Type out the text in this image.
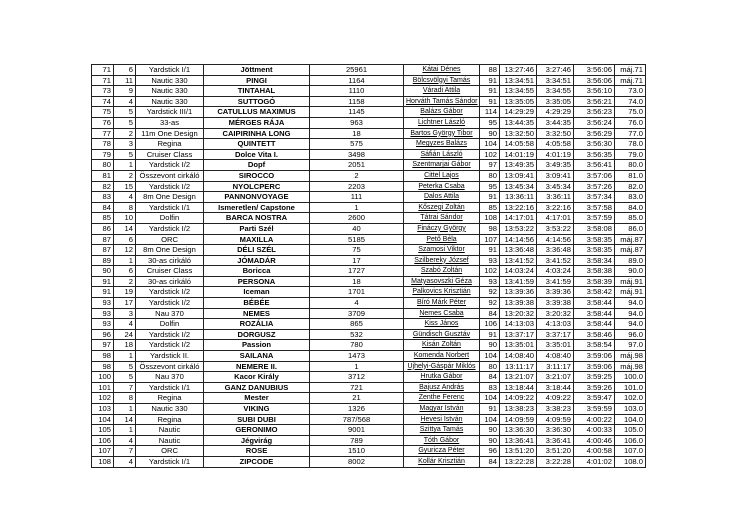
71	6	Yardstick I/1	Jöttment	25961	Kátai Dénes	88	13:27:46	3:27:46	3:56:06	máj.71
71	11	Nautic 330	PINGI	1164	Bölcsvölgyi Tamás	91	13:34:51	3:34:51	3:56:06	máj.71
73	9	Nautic 330	TINTAHAL	1110	Váradi Attila	91	13:34:55	3:34:55	3:56:10	73.0
74	4	Nautic 330	SUTTOGÓ	1158	Horváth Tamás Sándor	91	13:35:05	3:35:05	3:56:21	74.0
75	5	Yardstick III/1	CATULLUS MAXIMUS	1145	Balázs Gábor	114	14:29:29	4:29:29	3:56:23	75.0
76	5	33-as	MÉRGES RÁJA	963	Lichtner László	95	13:44:35	3:44:35	3:56:24	76.0
77	2	11m One Design	CAIPIRINHA LONG	18	Bartos György Tibor	90	13:32:50	3:32:50	3:56:29	77.0
78	3	Regina	QUINTETT	575	Megyzes Balázs	104	14:05:58	4:05:58	3:56:30	78.0
79	5	Cruiser Class	Dolce Vita I.	3498	Sáfián László	102	14:01:19	4:01:19	3:56:35	79.0
80	1	Yardstick I/2	Dopf	2051	Szentmarjai Gábor	97	13:49:35	3:49:35	3:56:41	80.0
81	2	Összevont cirkáló	SIROCCO	2	Cittel Lajos	80	13:09:41	3:09:41	3:57:06	81.0
82	15	Yardstick I/2	NYOLCPERC	2203	Peterka Csaba	95	13:45:34	3:45:34	3:57:26	82.0
83	4	8m One Design	PANNONVOYAGE	111	Dalos Attila	91	13:36:11	3:36:11	3:57:34	83.0
84	8	Yardstick I/1	Ismeretlen/ Capstone	1	Kőszegi Zoltán	85	13:22:16	3:22:16	3:57:58	84.0
85	10	Dolfin	BARCA NOSTRA	2600	Tátrai Sándor	108	14:17:01	4:17:01	3:57:59	85.0
86	14	Yardstick I/2	Parti Szél	40	Fináczy György	98	13:53:22	3:53:22	3:58:08	86.0
87	6	ORC	MAXILLA	5185	Pető Béla	107	14:14:56	4:14:56	3:58:35	máj.87
87	12	8m One Design	DÉLI SZÉL	75	Szamosi Viktor	91	13:36:48	3:36:48	3:58:35	máj.87
89	1	30-as cirkáló	JÓMADÁR	17	Szilbereky József	93	13:41:52	3:41:52	3:58:34	89.0
90	6	Cruiser Class	Boricca	1727	Szabó Zoltán	102	14:03:24	4:03:24	3:58:38	90.0
91	2	30-as cirkáló	PERSONA	18	Matyasovszki Géza	93	13:41:59	3:41:59	3:58:39	máj.91
91	19	Yardstick I/2	Iceman	1701	Palkovics Krisztián	92	13:39:36	3:39:36	3:58:42	máj.91
93	17	Yardstick I/2	BÉBÉE	4	Bíró Márk Péter	92	13:39:38	3:39:38	3:58:44	94.0
93	3	Nau 370	NEMES	3709	Nemes Csaba	84	13:20:32	3:20:32	3:58:44	94.0
93	4	Dolfin	ROZÁLIA	865	Kiss János	106	14:13:03	4:13:03	3:58:44	94.0
96	24	Yardstick I/2	DORGUSZ	532	Gündisch Gusztáv	91	13:37:17	3:37:17	3:58:46	96.0
97	18	Yardstick I/2	Passion	780	Kisán Zoltán	90	13:35:01	3:35:01	3:58:54	97.0
98	1	Yardstick II.	SAILANA	1473	Komenda Norbert	104	14:08:40	4:08:40	3:59:06	máj.98
98	5	Összevont cirkáló	NEMERE II.	1	Ujhelyi-Gáspár Miklós	80	13:11:17	3:11:17	3:59:06	máj.98
100	5	Nau 370	Kacor Király	3712	Hrutka Gábor	84	13:21:07	3:21:07	3:59:25	100.0
101	7	Yardstick I/1	GANZ DANUBIUS	721	Bajusz András	83	13:18:44	3:18:44	3:59:26	101.0
102	8	Regina	Mester	21	Zenthe Ferenc	104	14:09:22	4:09:22	3:59:47	102.0
103	1	Nautic 330	VIKING	1326	Magyar István	91	13:38:23	3:38:23	3:59:59	103.0
104	14	Regina	SUBI DUBI	787/568	Hevesi István	104	14:09:59	4:09:59	4:00:22	104.0
105	1	Nautic	GERONIMO	9001	Szittya Tamás	90	13:36:30	3:36:30	4:00:33	105.0
106	4	Nautic	Jégvirág	789	Tóth Gábor	90	13:36:41	3:36:41	4:00:46	106.0
107	7	ORC	ROSE	1510	Gyuricza Péter	96	13:51:20	3:51:20	4:00:58	107.0
108	4	Yardstick I/1	ZIPCODE	8002	Kollár Krisztián	84	13:22:28	3:22:28	4:01:02	108.0
